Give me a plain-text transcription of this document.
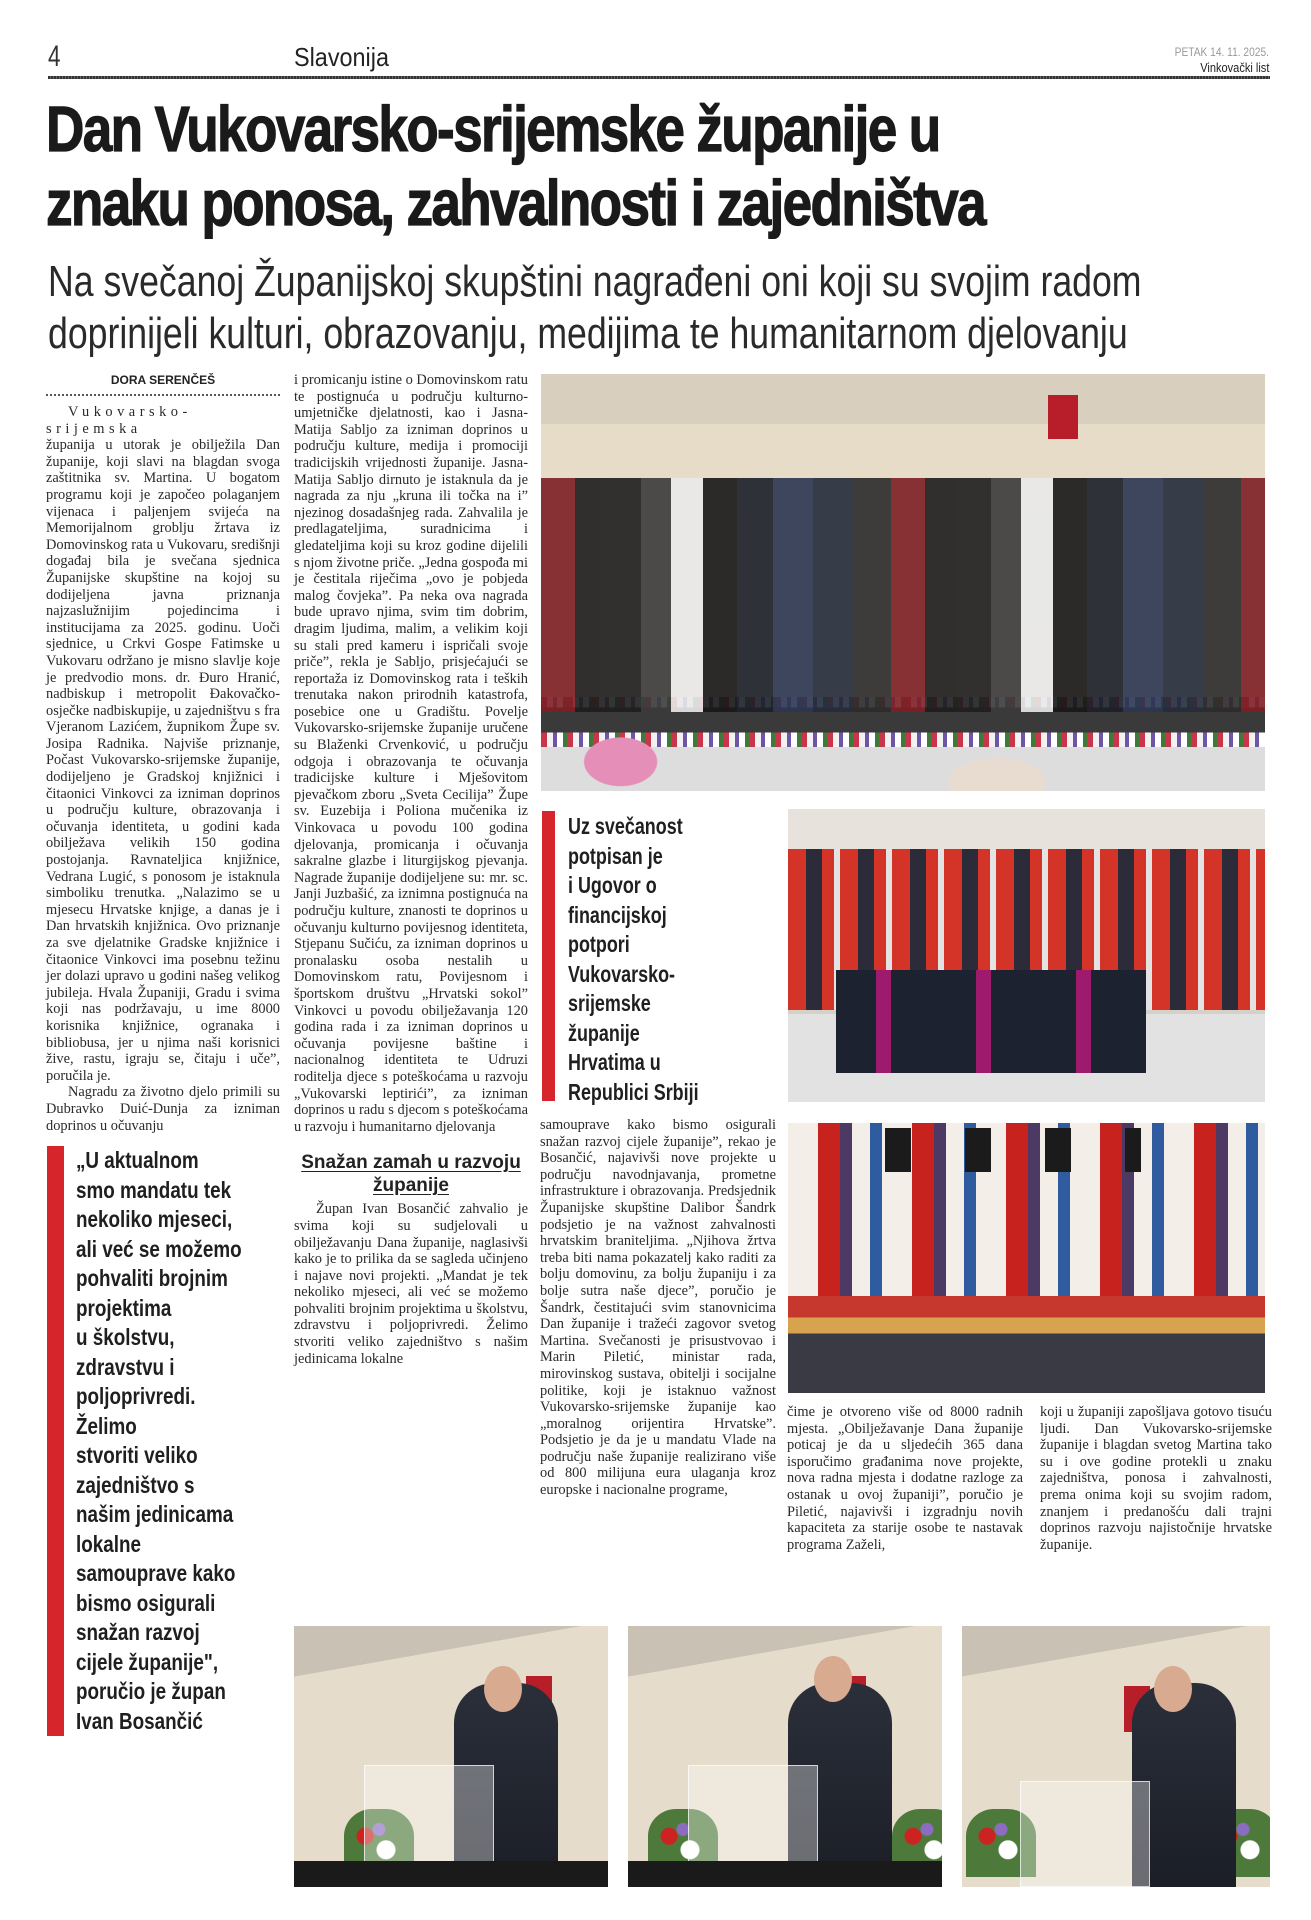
4	Slavonija	PETAK 14. 11. 2025.
Vinkovački list
Dan Vukovarsko-srijemske županije u
znaku ponosa, zahvalnosti i zajedništva
Na svečanoj Županijskoj skupštini nagrađeni oni koji su svojim radom
doprinijeli kulturi, obrazovanju, medijima te humanitarnom djelovanju
DORA SERENČEŠ

Vukovarsko-srijemska

županija u utorak je obilježila Dan županije, koji slavi na blagdan svoga zaštitnika sv. Martina. U bogatom programu koji je započeo polaganjem vijenaca i paljenjem svijeća na Memorijalnom groblju žrtava iz Domovinskog rata u Vukovaru, središnji događaj bila je svečana sjednica Županijske skupštine na kojoj su dodijeljena javna priznanja najzaslužnijim pojedincima i institucijama za 2025. godinu. Uoči sjednice, u Crkvi Gospe Fatimske u Vukovaru održano je misno slavlje koje je predvodio mons. dr. Đuro Hranić, nadbiskup i metropolit Đakovačko-osječke nadbiskupije, u zajedništvu s fra Vjeranom Lazićem, župnikom Župe sv. Josipa Radnika. Najviše priznanje, Počast Vukovarsko-srijemske županije, dodijeljeno je Gradskoj knjižnici i čitaonici Vinkovci za izniman doprinos u području kulture, obrazovanja i očuvanja identiteta, u godini kada obilježava velikih 150 godina postojanja. Ravnateljica knjižnice, Vedrana Lugić, s ponosom je istaknula simboliku trenutka. „Nalazimo se u mjesecu Hrvatske knjige, a danas je i Dan hrvatskih knjižnica. Ovo priznanje za sve djelatnike Gradske knjižnice i čitaonice Vinkovci ima posebnu težinu jer dolazi upravo u godini našeg velikog jubileja. Hvala Županiji, Gradu i svima koji nas podržavaju, u ime 8000 korisnika knjižnice, ogranaka i bibliobusa, jer u njima naši korisnici žive, rastu, igraju se, čitaju i uče”, poručila je.

Nagradu za životno djelo primili su Dubravko Duić-Dunja za izniman doprinos u očuvanju

„U aktualnom
smo mandatu tek
nekoliko mjeseci,
ali već se možemo
pohvaliti brojnim
projektima
u školstvu,
zdravstvu i
poljoprivredi.
Želimo
stvoriti veliko
zajedništvo s
našim jedinicama
lokalne
samouprave kako
bismo osigurali
snažan razvoj
cijele županije",
poručio je župan
Ivan Bosančić

i promicanju istine o Domovinskom ratu te postignuća u području kulturno-umjetničke djelatnosti, kao i Jasna-Matija Sabljo za izniman doprinos u području kulture, medija i promociji tradicijskih vrijednosti županije. Jasna-Matija Sabljo dirnuto je istaknula da je nagrada za nju „kruna ili točka na i” njezinog dosadašnjeg rada. Zahvalila je predlagateljima, suradnicima i gledateljima koji su kroz godine dijelili s njom životne priče. „Jedna gospođa mi je čestitala riječima „ovo je pobjeda malog čovjeka”. Pa neka ova nagrada bude upravo njima, svim tim dobrim, dragim ljudima, malim, a velikim koji su stali pred kameru i ispričali svoje priče”, rekla je Sabljo, prisjećajući se reportaža iz Domovinskog rata i teških trenutaka nakon prirodnih katastrofa, posebice one u Gradištu. Povelje Vukovarsko-srijemske županije uručene su Blaženki Crvenković, u području odgoja i obrazovanja te očuvanja tradicijske kulture i Mješovitom pjevačkom zboru „Sveta Cecilija” Župe sv. Euzebija i Poliona mučenika iz Vinkovaca u povodu 100 godina djelovanja, promicanja i očuvanja sakralne glazbe i liturgijskog pjevanja. Nagrade županije dodijeljene su: mr. sc. Janji Juzbašić, za iznimna postignuća na području kulture, znanosti te doprinos u očuvanju kulturno povijesnog identiteta, Stjepanu Sučiću, za izniman doprinos u pronalasku osoba nestalih u Domovinskom ratu, Povijesnom i športskom društvu „Hrvatski sokol” Vinkovci u povodu obilježavanja 120 godina rada i za izniman doprinos u očuvanja povijesne baštine i nacionalnog identiteta te Udruzi roditelja djece s poteškoćama u razvoju „Vukovarski leptirići”, za izniman doprinos u radu s djecom s poteškoćama u razvoju i humanitarno djelovanja

Snažan zamah u razvoju županije

Župan Ivan Bosančić zahvalio je svima koji su sudjelovali u obilježavanju Dana županije, naglasivši kako je to prilika da se sagleda učinjeno i najave novi projekti. „Mandat je tek nekoliko mjeseci, ali već se možemo pohvaliti brojnim projektima u školstvu, zdravstvu i poljoprivredi. Želimo stvoriti veliko zajedništvo s našim jedinicama lokalne

Uz svečanost
potpisan je
i Ugovor o
financijskoj
potpori
Vukovarsko-
srijemske
županije
Hrvatima u
Republici Srbiji

samouprave kako bismo osigurali snažan razvoj cijele županije”, rekao je Bosančić, najavivši nove projekte u području navodnjavanja, prometne infrastrukture i obrazovanja. Predsjednik Županijske skupštine Dalibor Šandrk podsjetio je na važnost zahvalnosti hrvatskim braniteljima. „Njihova žrtva treba biti nama pokazatelj kako raditi za bolju domovinu, za bolju županiju i za bolje sutra naše djece”, poručio je Šandrk, čestitajući svim stanovnicima Dan županije i tražeći zagovor svetog Martina. Svečanosti je prisustvovao i Marin Piletić, ministar rada, mirovinskog sustava, obitelji i socijalne politike, koji je istaknuo važnost Vukovarsko-srijemske županije kao „moralnog orijentira Hrvatske”. Podsjetio je da je u mandatu Vlade na području naše županije realizirano više od 800 milijuna eura ulaganja kroz europske i nacionalne programe,

čime je otvoreno više od 8000 radnih mjesta. „Obilježavanje Dana županije poticaj je da u sljedećih 365 dana isporučimo građanima nove projekte, nova radna mjesta i dodatne razloge za ostanak u ovoj županiji”, poručio je Piletić, najavivši i izgradnju novih kapaciteta za starije osobe te nastavak programa Zaželi,

koji u županiji zapošljava gotovo tisuću ljudi. Dan Vukovarsko-srijemske županije i blagdan svetog Martina tako su i ove godine protekli u znaku zajedništva, ponosa i zahvalnosti, prema onima koji su svojim radom, znanjem i predanošću dali trajni doprinos razvoju najistočnije hrvatske županije.
